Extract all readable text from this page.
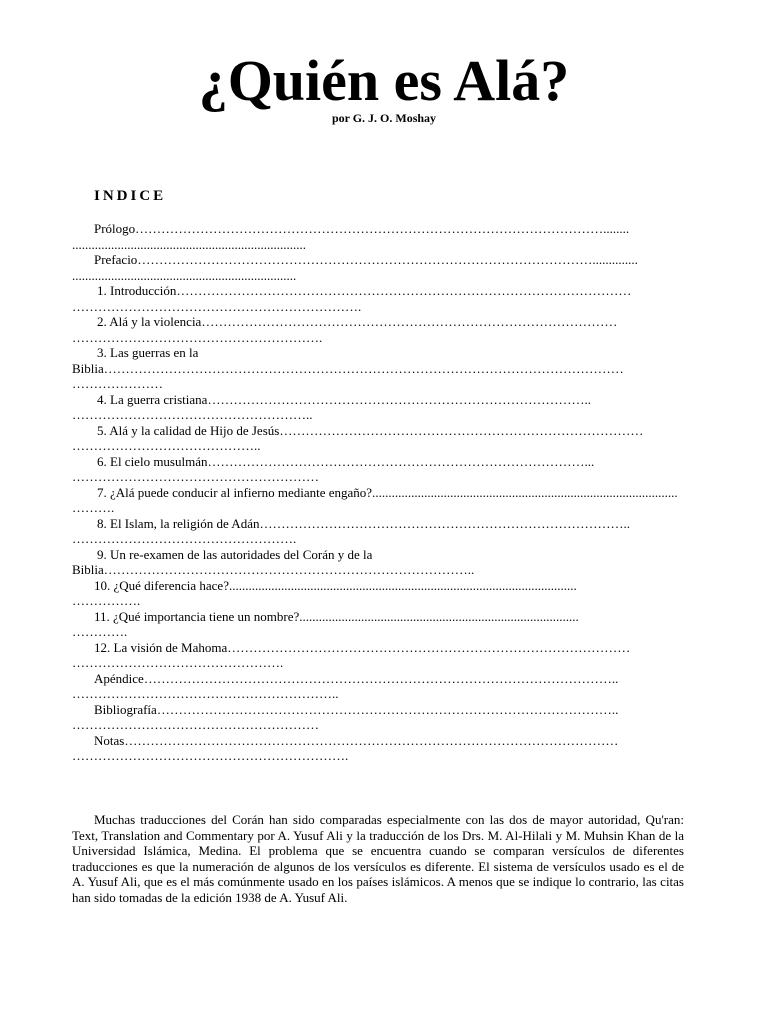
¿Quién es Alá?
por G. J. O. Moshay
INDICE
Prólogo………………………………………………………………………………………………........
........................................................................
Prefacio……………………………………………………………………………………………..............
.....................................................................
1. Introducción……………………………………………………………………………………………
………………………………………………………….
2. Alá y la violencia……………………………………………………………………………………
………………………………………………….
3. Las guerras en la
Biblia…………………………………………………………………………………………………………
…………………
4. La guerra cristiana……………………………………………………………………………..
………………………………………………..
5. Alá y la calidad de Hijo de Jesús…………………………………………………………………………
……………………………………..
6. El cielo musulmán……………………………………………………………………………...
…………………………………………………
7. ¿Alá puede conducir al infierno mediante engaño?..............................................................................................
……….
8. El Islam, la religión de Adán…………………………………………………………………………..
…………………………………………….
9. Un re-examen de las autoridades del Corán y de la
Biblia…………………………………………………………………………..
10. ¿Qué diferencia hace?...........................................................................................................
…………….
11. ¿Qué importancia tiene un nombre?......................................................................................
………….
12. La visión de Mahoma…………………………………………………………………………………
………………………………………….
Apéndice………………………………………………………………………………………………..
……………………………………………………..
Bibliografía……………………………………………………………………………………………..
…………………………………………………
Notas……………………………………………………………………………………………………
……………………………………………………….
Muchas traducciones del Corán han sido comparadas especialmente con las dos de mayor autoridad, Qu'ran: Text, Translation and Commentary por A. Yusuf Ali y la traducción de los Drs. M. Al-Hilali y M. Muhsin Khan de la Universidad Islámica, Medina. El problema que se encuentra cuando se comparan versículos de diferentes traducciones es que la numeración de algunos de los versículos es diferente. El sistema de versículos usado es el de A. Yusuf Ali, que es el más comúnmente usado en los países islámicos. A menos que se indique lo contrario, las citas han sido tomadas de la edición 1938 de A. Yusuf Ali.
